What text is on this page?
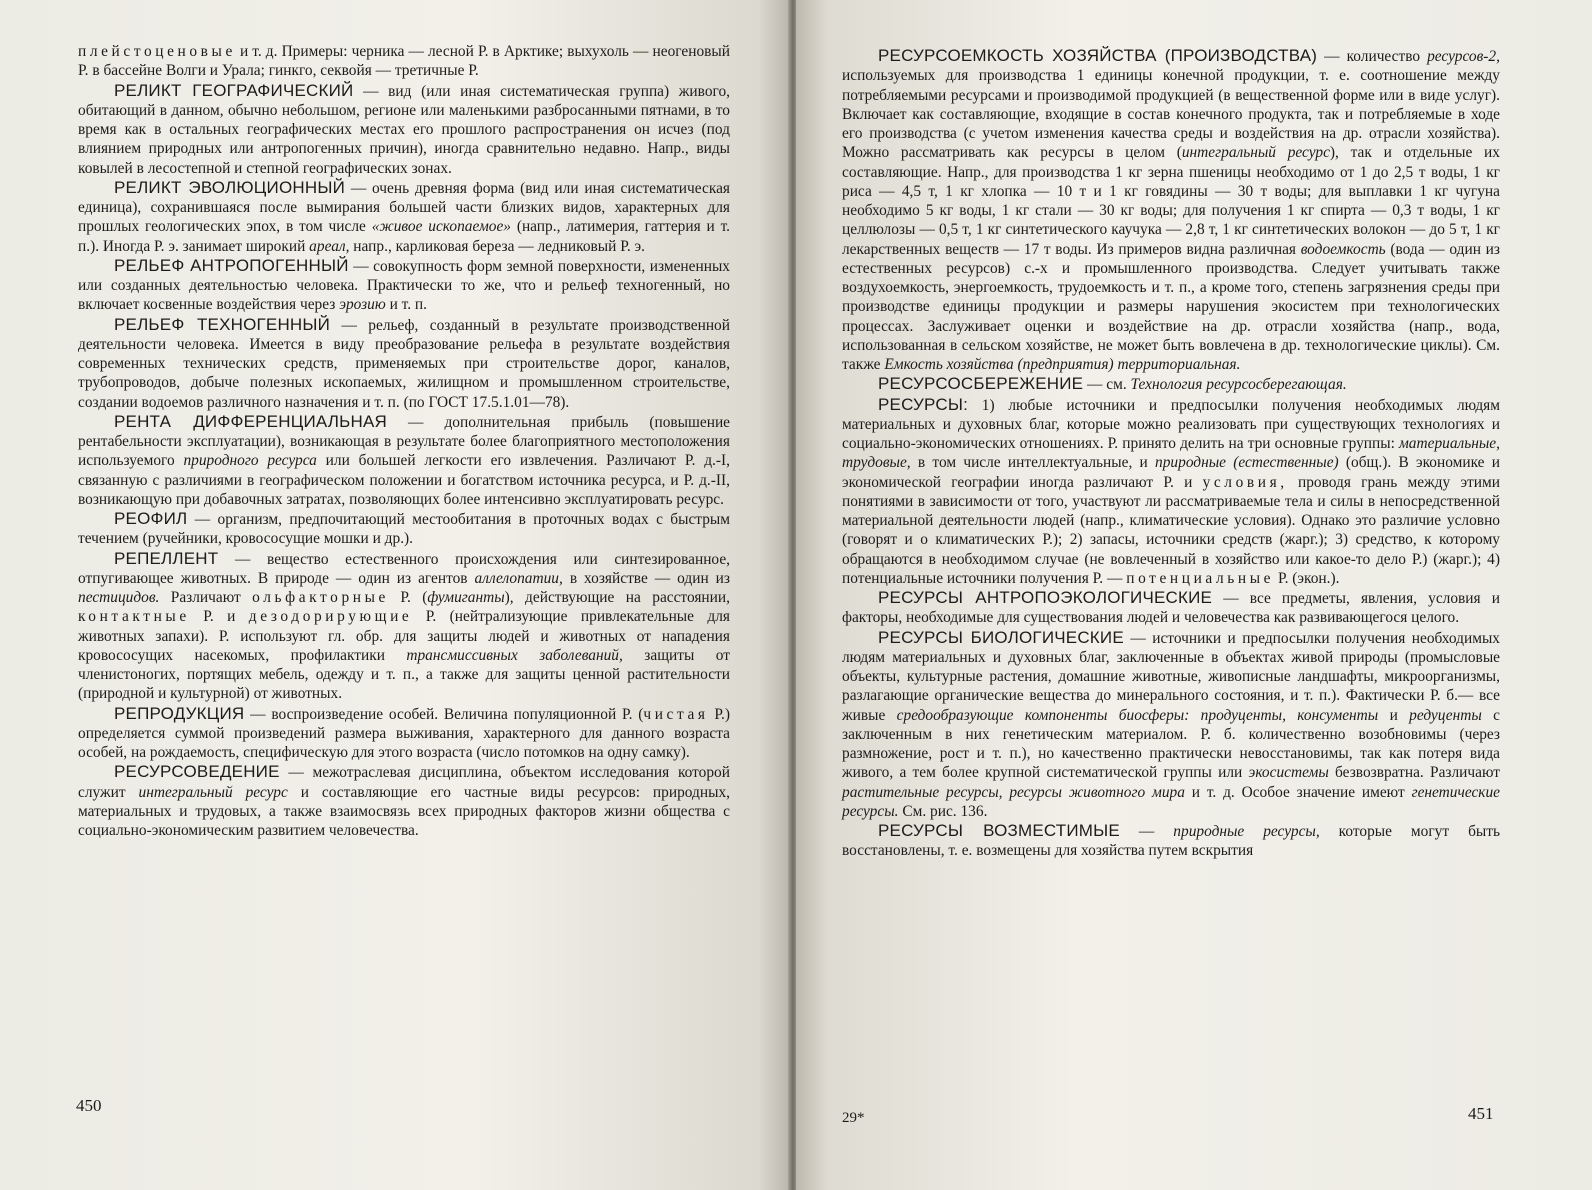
плейстоценовые и т. д. Примеры: черника — лесной Р. в Арктике; выхухоль — неогеновый Р. в бассейне Волги и Урала; гинкго, секвойя — третичные Р.

РЕЛИКТ ГЕОГРАФИЧЕСКИЙ — вид (или иная систематическая группа) живого, обитающий в данном, обычно небольшом, регионе или маленькими разбросанными пятнами, в то время как в остальных географических местах его прошлого распространения он исчез (под влиянием природных или антропогенных причин), иногда сравнительно недавно. Напр., виды ковылей в лесостепной и степной географических зонах.

РЕЛИКТ ЭВОЛЮЦИОННЫЙ — очень древняя форма (вид или иная систематическая единица), сохранившаяся после вымирания большей части близких видов, характерных для прошлых геологических эпох, в том числе «живое ископаемое» (напр., латимерия, гаттерия и т. п.). Иногда Р. э. занимает широкий ареал, напр., карликовая береза — ледниковый Р. э.

РЕЛЬЕФ АНТРОПОГЕННЫЙ — совокупность форм земной поверхности, измененных или созданных деятельностью человека. Практически то же, что и рельеф техногенный, но включает косвенные воздействия через эрозию и т. п.

РЕЛЬЕФ ТЕХНОГЕННЫЙ — рельеф, созданный в результате производственной деятельности человека. Имеется в виду преобразование рельефа в результате воздействия современных технических средств, применяемых при строительстве дорог, каналов, трубопроводов, добыче полезных ископаемых, жилищном и промышленном строительстве, создании водоемов различного назначения и т. п. (по ГОСТ 17.5.1.01—78).

РЕНТА ДИФФЕРЕНЦИАЛЬНАЯ — дополнительная прибыль (повышение рентабельности эксплуатации), возникающая в результате более благоприятного местоположения используемого природного ресурса или большей легкости его извлечения. Различают Р. д.-I, связанную с различиями в географическом положении и богатством источника ресурса, и Р. д.-II, возникающую при добавочных затратах, позволяющих более интенсивно эксплуатировать ресурс.

РЕОФИЛ — организм, предпочитающий местообитания в проточных водах с быстрым течением (ручейники, кровососущие мошки и др.).

РЕПЕЛЛЕНТ — вещество естественного происхождения или синтезированное, отпугивающее животных. В природе — один из агентов аллелопатии, в хозяйстве — один из пестицидов. Различают ольфакторные Р. (фумиганты), действующие на расстоянии, контактные Р. и дезодорирующие Р. (нейтрализующие привлекательные для животных запахи). Р. используют гл. обр. для защиты людей и животных от нападения кровососущих насекомых, профилактики трансмиссивных заболеваний, защиты от членистоногих, портящих мебель, одежду и т. п., а также для защиты ценной растительности (природной и культурной) от животных.

РЕПРОДУКЦИЯ — воспроизведение особей. Величина популяционной Р. (чистая Р.) определяется суммой произведений размера выживания, характерного для данного возраста особей, на рождаемость, специфическую для этого возраста (число потомков на одну самку).

РЕСУРСОВЕДЕНИЕ — межотраслевая дисциплина, объектом исследования которой служит интегральный ресурс и составляющие его частные виды ресурсов: природных, материальных и трудовых, а также взаимосвязь всех природных факторов жизни общества с социально-экономическим развитием человечества.

450

РЕСУРСОЕМКОСТЬ ХОЗЯЙСТВА (ПРОИЗВОДСТВА) — количество ресурсов-2, используемых для производства 1 единицы конечной продукции, т. е. соотношение между потребляемыми ресурсами и производимой продукцией (в вещественной форме или в виде услуг). Включает как составляющие, входящие в состав конечного продукта, так и потребляемые в ходе его производства (с учетом изменения качества среды и воздействия на др. отрасли хозяйства). Можно рассматривать как ресурсы в целом (интегральный ресурс), так и отдельные их составляющие. Напр., для производства 1 кг зерна пшеницы необходимо от 1 до 2,5 т воды, 1 кг риса — 4,5 т, 1 кг хлопка — 10 т и 1 кг говядины — 30 т воды; для выплавки 1 кг чугуна необходимо 5 кг воды, 1 кг стали — 30 кг воды; для получения 1 кг спирта — 0,3 т воды, 1 кг целлюлозы — 0,5 т, 1 кг синтетического каучука — 2,8 т, 1 кг синтетических волокон — до 5 т, 1 кг лекарственных веществ — 17 т воды. Из примеров видна различная водоемкость (вода — один из естественных ресурсов) с.-х и промышленного производства. Следует учитывать также воздухоемкость, энергоемкость, трудоемкость и т. п., а кроме того, степень загрязнения среды при производстве единицы продукции и размеры нарушения экосистем при технологических процессах. Заслуживает оценки и воздействие на др. отрасли хозяйства (напр., вода, использованная в сельском хозяйстве, не может быть вовлечена в др. технологические циклы). См. также Емкость хозяйства (предприятия) территориальная.

РЕСУРСОСБЕРЕЖЕНИЕ — см. Технология ресурсосберегающая.

РЕСУРСЫ: 1) любые источники и предпосылки получения необходимых людям материальных и духовных благ, которые можно реализовать при существующих технологиях и социально-экономических отношениях. Р. принято делить на три основные группы: материальные, трудовые, в том числе интеллектуальные, и природные (естественные) (общ.). В экономике и экономической географии иногда различают Р. и условия, проводя грань между этими понятиями в зависимости от того, участвуют ли рассматриваемые тела и силы в непосредственной материальной деятельности людей (напр., климатические условия). Однако это различие условно (говорят и о климатических Р.); 2) запасы, источники средств (жарг.); 3) средство, к которому обращаются в необходимом случае (не вовлеченный в хозяйство или какое-то дело Р.) (жарг.); 4) потенциальные источники получения Р. — потенциальные Р. (экон.).

РЕСУРСЫ АНТРОПОЭКОЛОГИЧЕСКИЕ — все предметы, явления, условия и факторы, необходимые для существования людей и человечества как развивающегося целого.

РЕСУРСЫ БИОЛОГИЧЕСКИЕ — источники и предпосылки получения необходимых людям материальных и духовных благ, заключенные в объектах живой природы (промысловые объекты, культурные растения, домашние животные, живописные ландшафты, микроорганизмы, разлагающие органические вещества до минерального состояния, и т. п.). Фактически Р. б.— все живые средообразующие компоненты биосферы: продуценты, консументы и редуценты с заключенным в них генетическим материалом. Р. б. количественно возобновимы (через размножение, рост и т. п.), но качественно практически невосстановимы, так как потеря вида живого, а тем более крупной систематической группы или экосистемы безвозвратна. Различают растительные ресурсы, ресурсы животного мира и т. д. Особое значение имеют генетические ресурсы. См. рис. 136.

РЕСУРСЫ ВОЗМЕСТИМЫЕ — природные ресурсы, которые могут быть восстановлены, т. е. возмещены для хозяйства путем вскрытия

29*	451
